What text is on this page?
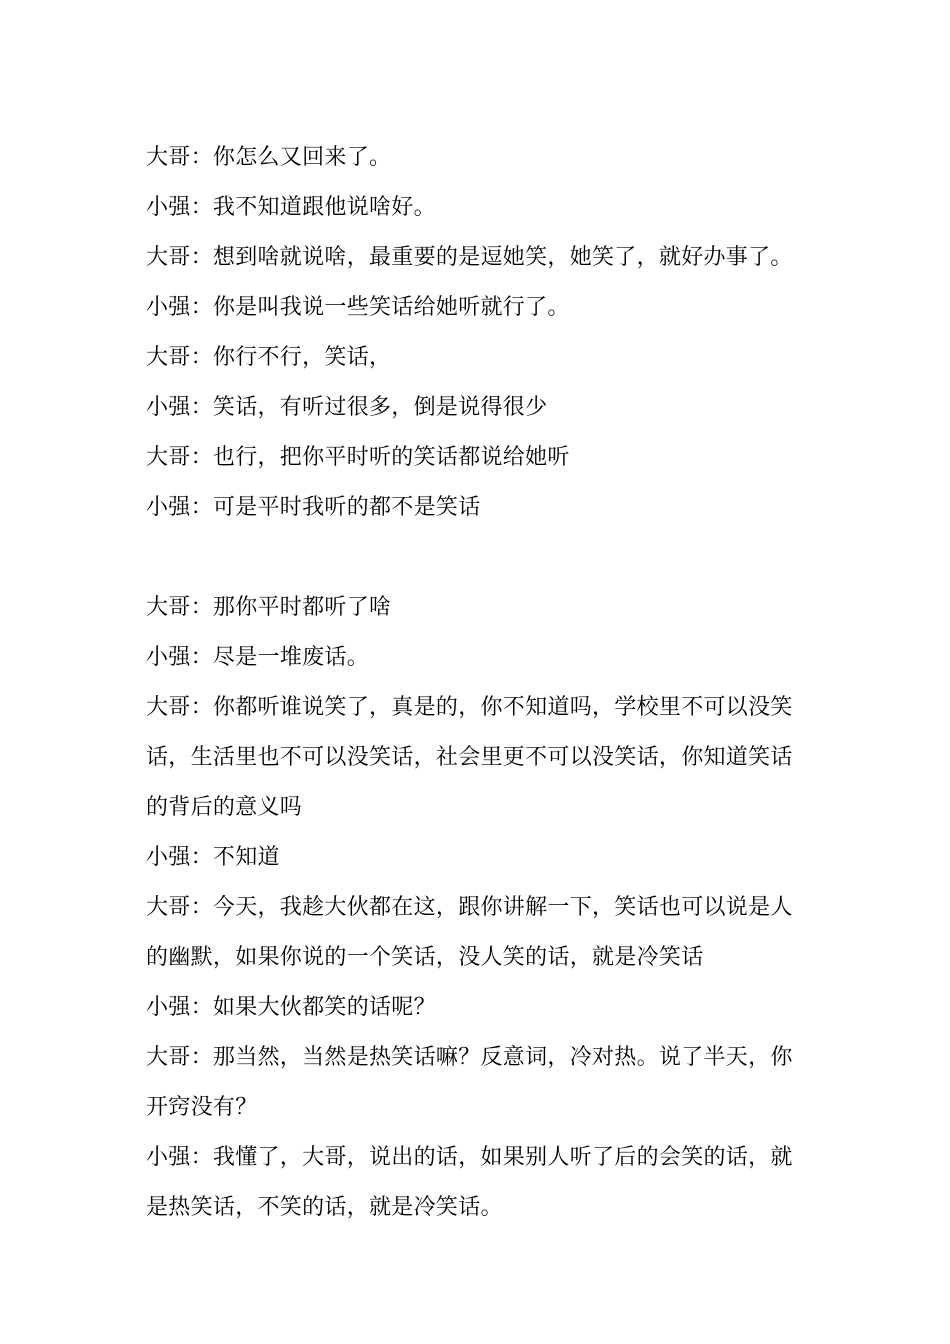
大哥：你怎么又回来了。

小强：我不知道跟他说啥好。

大哥：想到啥就说啥，最重要的是逗她笑，她笑了，就好办事了。

小强：你是叫我说一些笑话给她听就行了。

大哥：你行不行，笑话，

小强：笑话，有听过很多，倒是说得很少

大哥：也行，把你平时听的笑话都说给她听

小强：可是平时我听的都不是笑话

大哥：那你平时都听了啥

小强：尽是一堆废话。

大哥：你都听谁说笑了，真是的，你不知道吗，学校里不可以没笑话，生活里也不可以没笑话，社会里更不可以没笑话，你知道笑话的背后的意义吗

小强：不知道

大哥：今天，我趁大伙都在这，跟你讲解一下，笑话也可以说是人的幽默，如果你说的一个笑话，没人笑的话，就是冷笑话

小强：如果大伙都笑的话呢？

大哥：那当然，当然是热笑话嘛？反意词，冷对热。说了半天，你开窍没有？

小强：我懂了，大哥，说出的话，如果别人听了后的会笑的话，就是热笑话，不笑的话，就是冷笑话。
